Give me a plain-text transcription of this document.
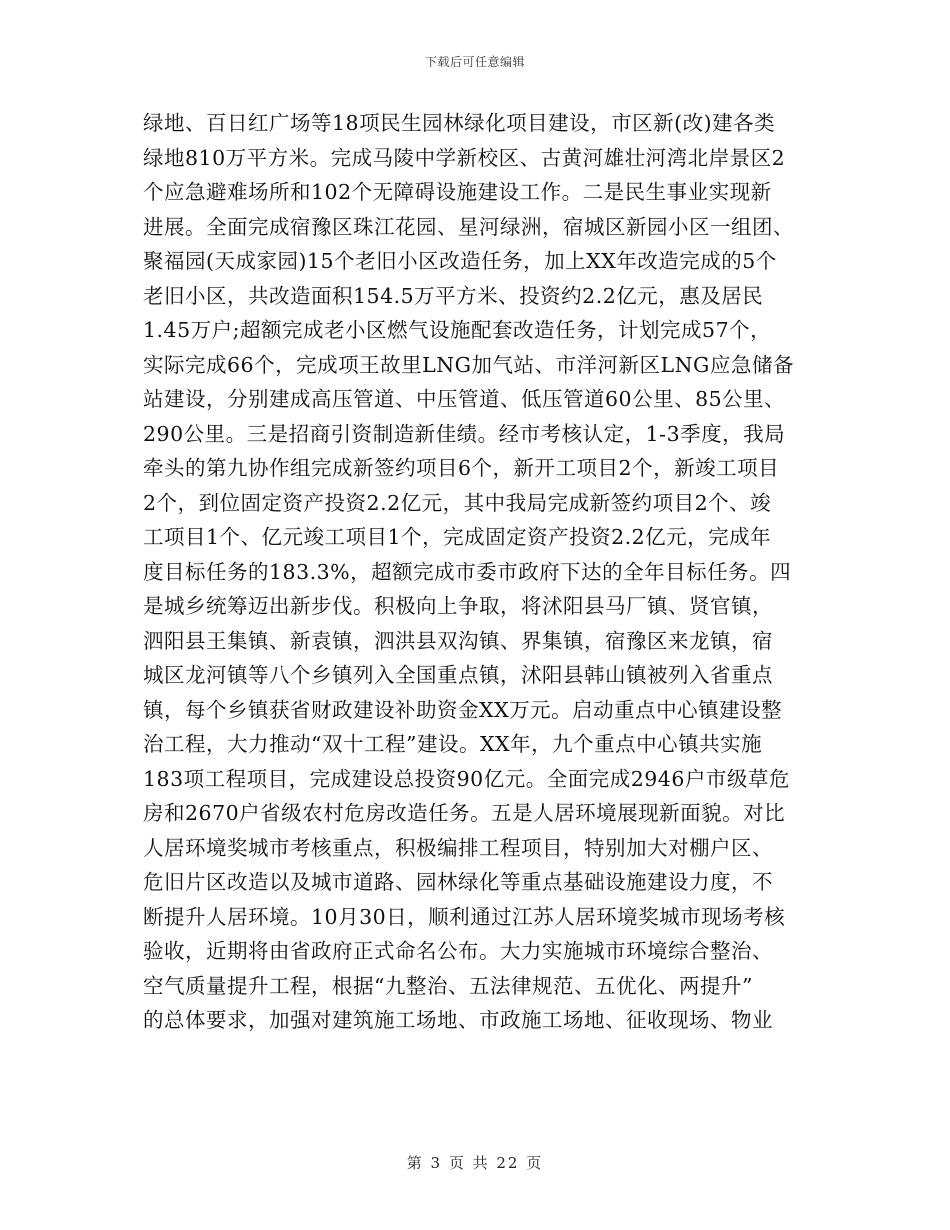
下载后可任意编辑
绿地、百日红广场等18项民生园林绿化项目建设，市区新(改)建各类
绿地810万平方米。完成马陵中学新校区、古黄河雄壮河湾北岸景区2
个应急避难场所和102个无障碍设施建设工作。二是民生事业实现新
进展。全面完成宿豫区珠江花园、星河绿洲，宿城区新园小区一组团、
聚福园(天成家园)15个老旧小区改造任务，加上XX年改造完成的5个
老旧小区，共改造面积154.5万平方米、投资约2.2亿元，惠及居民
1.45万户;超额完成老小区燃气设施配套改造任务，计划完成57个，
实际完成66个，完成项王故里LNG加气站、市洋河新区LNG应急储备
站建设，分别建成高压管道、中压管道、低压管道60公里、85公里、
290公里。三是招商引资制造新佳绩。经市考核认定，1-3季度，我局
牵头的第九协作组完成新签约项目6个，新开工项目2个，新竣工项目
2个，到位固定资产投资2.2亿元，其中我局完成新签约项目2个、竣
工项目1个、亿元竣工项目1个，完成固定资产投资2.2亿元，完成年
度目标任务的183.3%，超额完成市委市政府下达的全年目标任务。四
是城乡统筹迈出新步伐。积极向上争取，将沭阳县马厂镇、贤官镇，
泗阳县王集镇、新袁镇，泗洪县双沟镇、界集镇，宿豫区来龙镇，宿
城区龙河镇等八个乡镇列入全国重点镇，沭阳县韩山镇被列入省重点
镇，每个乡镇获省财政建设补助资金XX万元。启动重点中心镇建设整
治工程，大力推动“双十工程”建设。XX年，九个重点中心镇共实施
183项工程项目，完成建设总投资90亿元。全面完成2946户市级草危
房和2670户省级农村危房改造任务。五是人居环境展现新面貌。对比
人居环境奖城市考核重点，积极编排工程项目，特别加大对棚户区、
危旧片区改造以及城市道路、园林绿化等重点基础设施建设力度，不
断提升人居环境。10月30日，顺利通过江苏人居环境奖城市现场考核
验收，近期将由省政府正式命名公布。大力实施城市环境综合整治、
空气质量提升工程，根据“九整治、五法律规范、五优化、两提升”
的总体要求，加强对建筑施工场地、市政施工场地、征收现场、物业
第 3 页 共 22 页
